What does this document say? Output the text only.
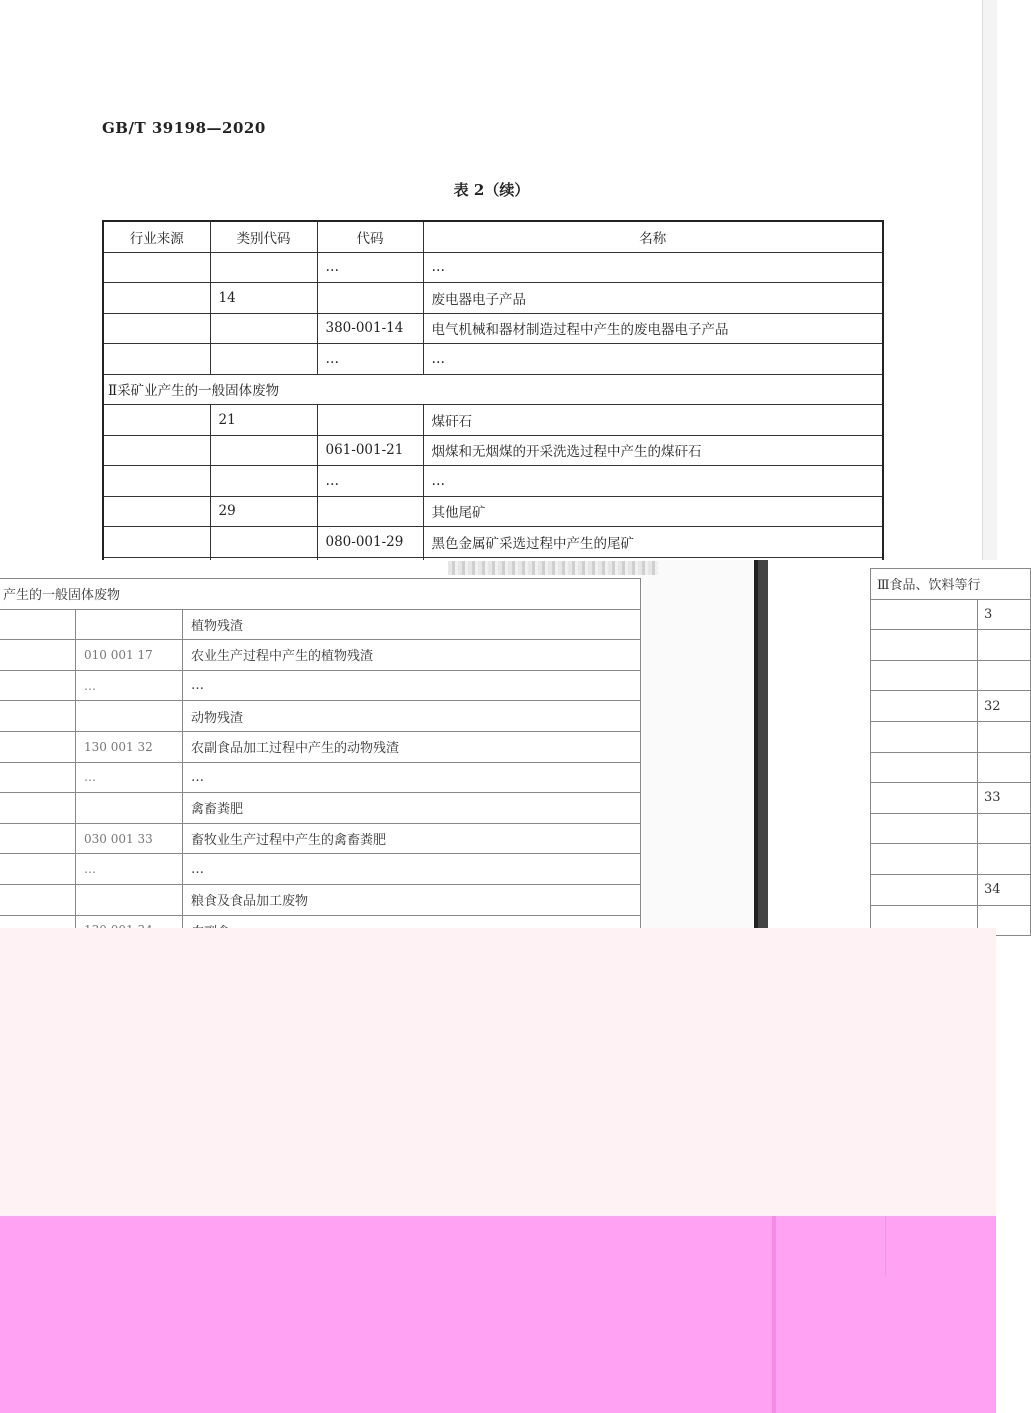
GB/T 39198—2020
表 2（续）
行业来源	类别代码	代码	名称
		…	…
	14		废电器电子产品
		380-001-14	电气机械和器材制造过程中产生的废电器电子产品
		…	…
Ⅱ采矿业产生的一般固体废物			
	21		煤矸石
		061-001-21	烟煤和无烟煤的开采洗选过程中产生的煤矸石
		…	…
	29		其他尾矿
		080-001-29	黑色金属矿采选过程中产生的尾矿

产生的一般固体废物		
		植物残渣
	010 001 17	农业生产过程中产生的植物残渣
	…	…
		动物残渣
	130 001 32	农副食品加工过程中产生的动物残渣
	…	…
		禽畜粪肥
	030 001 33	畜牧业生产过程中产生的禽畜粪肥
	…	…
		粮食及食品加工废物

Ⅲ食品、饮料等行	
	3

	32

	33

	34
